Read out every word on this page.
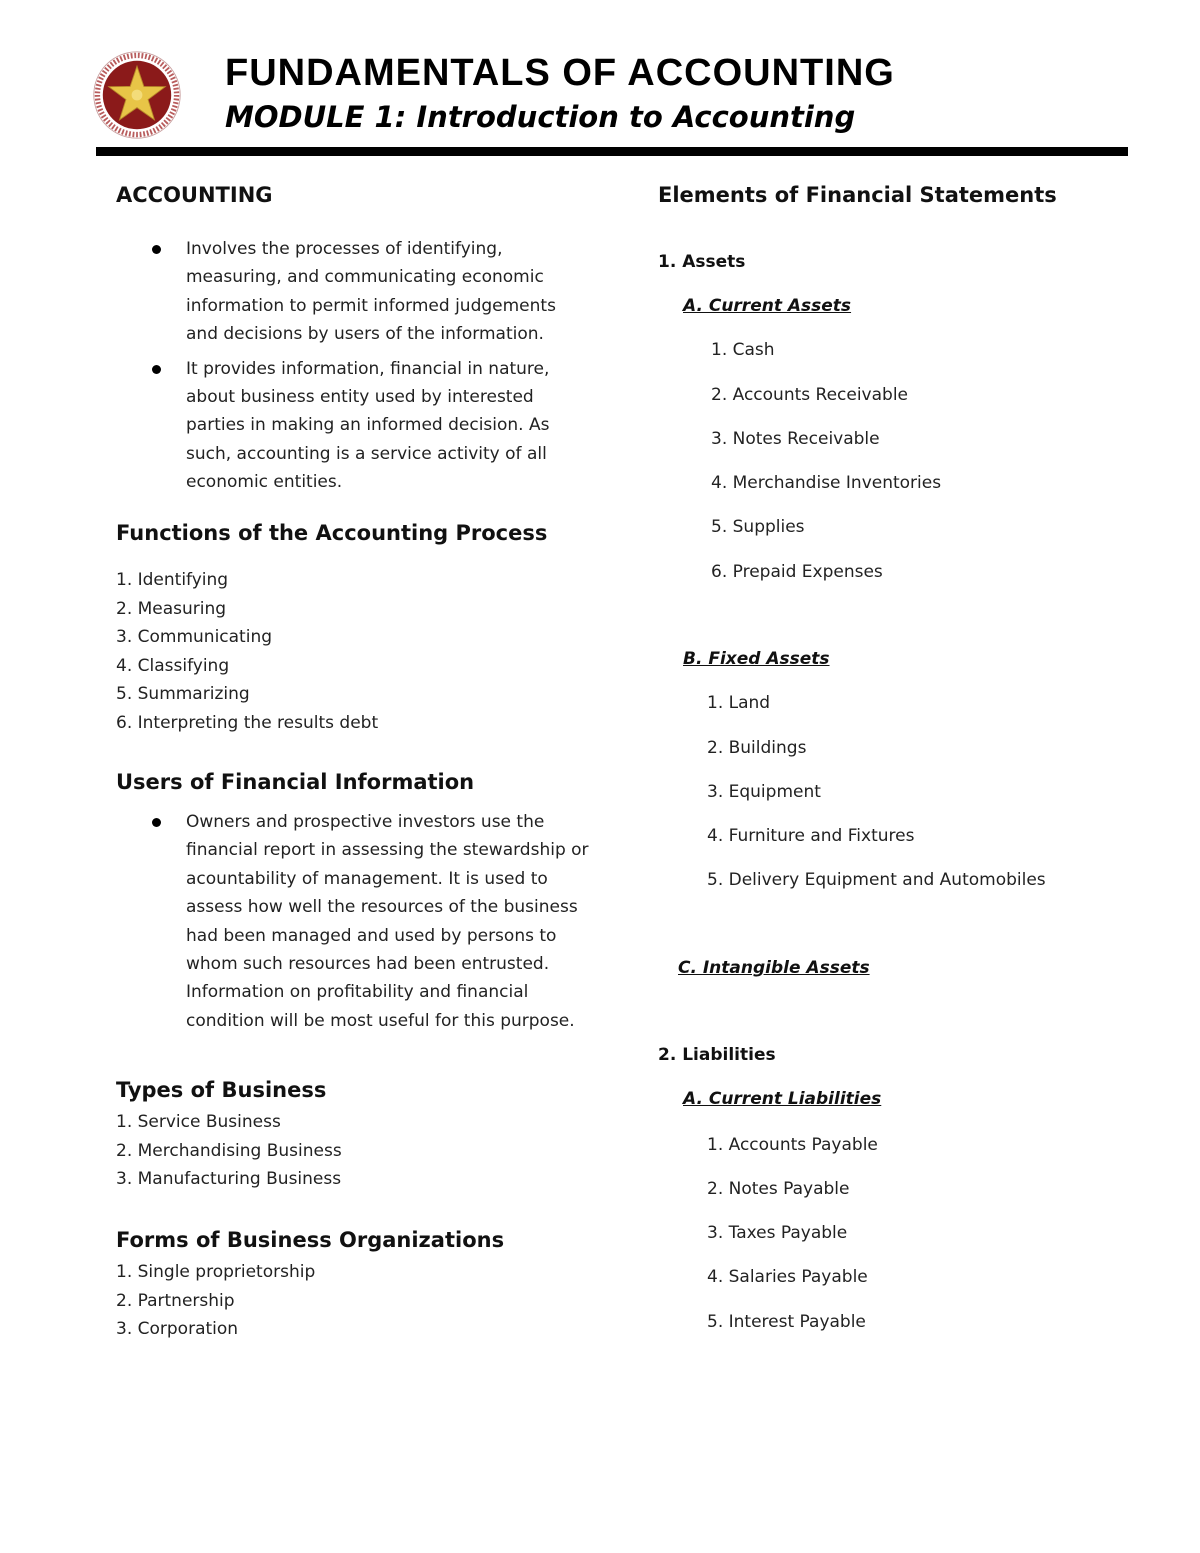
FUNDAMENTALS OF ACCOUNTING
MODULE 1: Introduction to Accounting
ACCOUNTING
Involves the processes of identifying, measuring, and communicating economic information to permit informed judgements and decisions by users of the information.
It provides information, financial in nature, about business entity used by interested parties in making an informed decision. As such, accounting is a service activity of all economic entities.
Functions of the Accounting Process
1. Identifying
2. Measuring
3. Communicating
4. Classifying
5. Summarizing
6. Interpreting the results debt
Users of Financial Information
Owners and prospective investors use the financial report in assessing the stewardship or acountability of management. It is used to assess how well the resources of the business had been managed and used by persons to whom such resources had been entrusted. Information on profitability and financial condition will be most useful for this purpose.
Types of Business
1. Service Business
2. Merchandising Business
3. Manufacturing Business
Forms of Business Organizations
1. Single proprietorship
2. Partnership
3. Corporation
Elements of Financial Statements
1. Assets
A. Current Assets
1. Cash
2. Accounts Receivable
3. Notes Receivable
4. Merchandise Inventories
5. Supplies
6. Prepaid Expenses
B. Fixed Assets
1. Land
2. Buildings
3. Equipment
4. Furniture and Fixtures
5. Delivery Equipment and Automobiles
C. Intangible Assets
2. Liabilities
A. Current Liabilities
1. Accounts Payable
2. Notes Payable
3. Taxes Payable
4. Salaries Payable
5. Interest Payable
